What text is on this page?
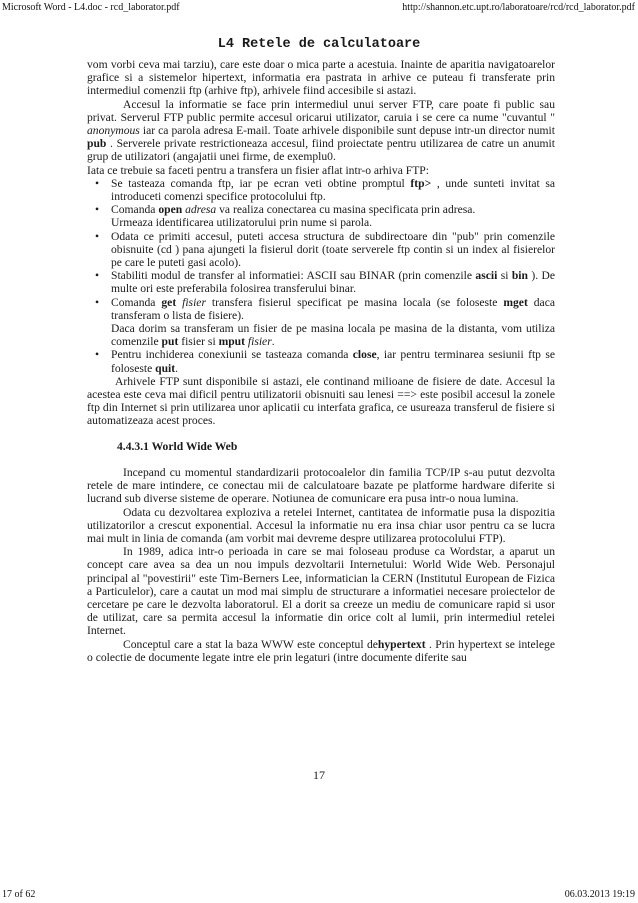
Microsoft Word - L4.doc - rcd_laborator.pdf	http://shannon.etc.upt.ro/laboratoare/rcd/rcd_laborator.pdf
L4 Retele de calculatoare

vom vorbi ceva mai tarziu), care este doar o mica parte a acestuia. Inainte de aparitia navigatoarelor grafice si a sistemelor hipertext, informatia era pastrata in arhive ce puteau fi transferate prin intermediul comenzii ftp (arhive ftp), arhivele fiind accesibile si astazi.

Accesul la informatie se face prin intermediul unui server FTP, care poate fi public sau privat. Serverul FTP public permite accesul oricarui utilizator, caruia i se cere ca nume "cuvantul " anonymous iar ca parola adresa E-mail. Toate arhivele disponibile sunt depuse intr-un director numit pub . Serverele private restrictioneaza accesul, fiind proiectate pentru utilizarea de catre un anumit grup de utilizatori (angajatii unei firme, de exemplu0.

Iata ce trebuie sa faceti pentru a transfera un fisier aflat intr-o arhiva FTP:

• Se tasteaza comanda ftp, iar pe ecran veti obtine promptul ftp> , unde sunteti invitat sa introduceti comenzi specifice protocolului ftp.
• Comanda open adresa va realiza conectarea cu masina specificata prin adresa.
Urmeaza identificarea utilizatorului prin nume si parola.
• Odata ce primiti accesul, puteti accesa structura de subdirectoare din "pub" prin comenzile obisnuite (cd ) pana ajungeti la fisierul dorit (toate serverele ftp contin si un index al fisierelor pe care le puteti gasi acolo).
• Stabiliti modul de transfer al informatiei: ASCII sau BINAR (prin comenzile ascii si bin ). De multe ori este preferabila folosirea transferului binar.
• Comanda get fisier transfera fisierul specificat pe masina locala (se foloseste mget daca transferam o lista de fisiere).
Daca dorim sa transferam un fisier de pe masina locala pe masina de la distanta, vom utiliza comenzile put fisier si mput fisier.
• Pentru inchiderea conexiunii se tasteaza comanda close, iar pentru terminarea sesiunii ftp se foloseste quit.

Arhivele FTP sunt disponibile si astazi, ele continand milioane de fisiere de date. Accesul la acestea este ceva mai dificil pentru utilizatorii obisnuiti sau lenesi ==> este posibil accesul la zonele ftp din Internet si prin utilizarea unor aplicatii cu interfata grafica, ce usureaza transferul de fisiere si automatizeaza acest proces.

4.4.3.1 World Wide Web

Incepand cu momentul standardizarii protocoalelor din familia TCP/IP s-au putut dezvolta retele de mare intindere, ce conectau mii de calculatoare bazate pe platforme hardware diferite si lucrand sub diverse sisteme de operare. Notiunea de comunicare era pusa intr-o noua lumina.

Odata cu dezvoltarea exploziva a retelei Internet, cantitatea de informatie pusa la dispozitia utilizatorilor a crescut exponential. Accesul la informatie nu era insa chiar usor pentru ca se lucra mai mult in linia de comanda (am vorbit mai devreme despre utilizarea protocolului FTP).

In 1989, adica intr-o perioada in care se mai foloseau produse ca Wordstar, a aparut un concept care avea sa dea un nou impuls dezvoltarii Internetului: World Wide Web. Personajul principal al "povestirii" este Tim-Berners Lee, informatician la CERN (Institutul European de Fizica a Particulelor), care a cautat un mod mai simplu de structurare a informatiei necesare proiectelor de cercetare pe care le dezvolta laboratorul. El a dorit sa creeze un mediu de comunicare rapid si usor de utilizat, care sa permita accesul la informatie din orice colt al lumii, prin intermediul retelei Internet.

Conceptul care a stat la baza WWW este conceptul dehypertext . Prin hypertext se intelege o colectie de documente legate intre ele prin legaturi (intre documente diferite sau

17
17 of 62	06.03.2013 19:19
